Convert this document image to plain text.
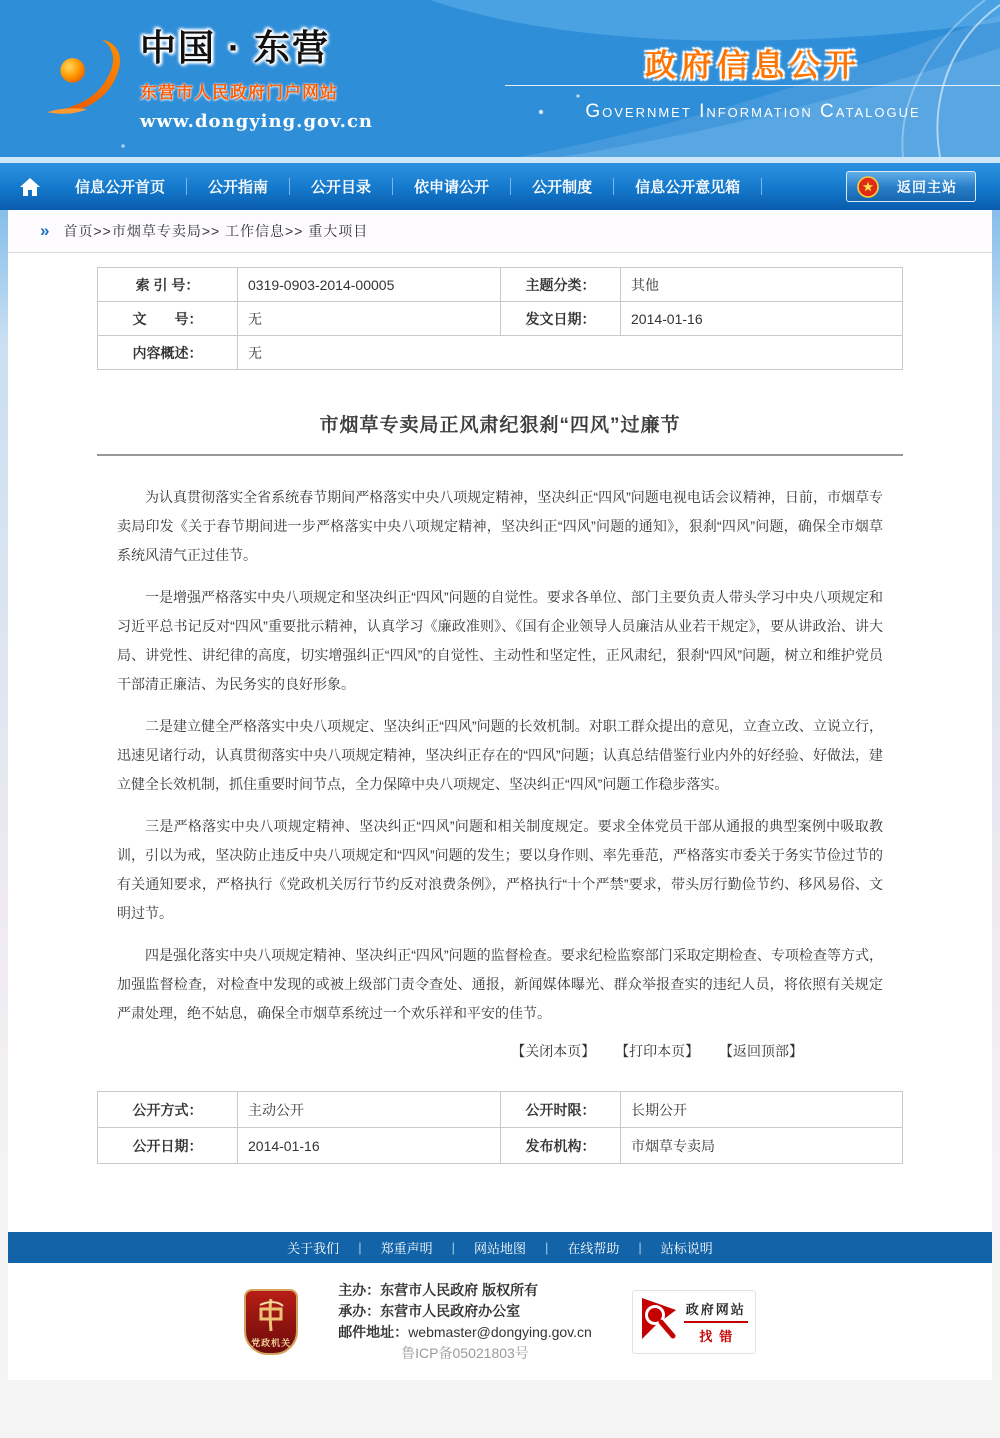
中国 · 东营
东营市人民政府门户网站
www.dongying.gov.cn
政府信息公开
Governmet Information Catalogue
信息公开首页	公开指南	公开目录	依申请公开	公开制度	信息公开意见箱	返回主站
» 首页>>市烟草专卖局>> 工作信息>> 重大项目
索 引 号：	0319-0903-2014-00005	主题分类：	其他
文　　号：	无	发文日期：	2014-01-16
内容概述：	无		
市烟草专卖局正风肃纪狠刹“四风”过廉节

为认真贯彻落实全省系统春节期间严格落实中央八项规定精神，坚决纠正“四风”问题电视电话会议精神，日前，市烟草专卖局印发《关于春节期间进一步严格落实中央八项规定精神，坚决纠正“四风”问题的通知》，狠刹“四风”问题，确保全市烟草系统风清气正过佳节。

一是增强严格落实中央八项规定和坚决纠正“四风”问题的自觉性。要求各单位、部门主要负责人带头学习中央八项规定和习近平总书记反对“四风”重要批示精神，认真学习《廉政准则》、《国有企业领导人员廉洁从业若干规定》，要从讲政治、讲大局、讲党性、讲纪律的高度，切实增强纠正“四风”的自觉性、主动性和坚定性，正风肃纪，狠刹“四风”问题，树立和维护党员干部清正廉洁、为民务实的良好形象。

二是建立健全严格落实中央八项规定、坚决纠正“四风”问题的长效机制。对职工群众提出的意见，立查立改、立说立行，迅速见诸行动，认真贯彻落实中央八项规定精神，坚决纠正存在的“四风”问题；认真总结借鉴行业内外的好经验、好做法，建立健全长效机制，抓住重要时间节点，全力保障中央八项规定、坚决纠正“四风”问题工作稳步落实。

三是严格落实中央八项规定精神、坚决纠正“四风”问题和相关制度规定。要求全体党员干部从通报的典型案例中吸取教训，引以为戒，坚决防止违反中央八项规定和“四风”问题的发生；要以身作则、率先垂范，严格落实市委关于务实节俭过节的有关通知要求，严格执行《党政机关厉行节约反对浪费条例》，严格执行“十个严禁”要求，带头厉行勤俭节约、移风易俗、文明过节。

四是强化落实中央八项规定精神、坚决纠正“四风”问题的监督检查。要求纪检监察部门采取定期检查、专项检查等方式，加强监督检查，对检查中发现的或被上级部门责令查处、通报，新闻媒体曝光、群众举报查实的违纪人员，将依照有关规定严肃处理，绝不姑息，确保全市烟草系统过一个欢乐祥和平安的佳节。

【关闭本页】 【打印本页】 【返回顶部】
公开方式：	主动公开	公开时限：	长期公开
公开日期：	2014-01-16	发布机构：	市烟草专卖局
关于我们 | 郑重声明 | 网站地图 | 在线帮助 | 站标说明
党政机关
主办：东营市人民政府 版权所有
承办：东营市人民政府办公室
邮件地址：webmaster@dongying.gov.cn
鲁ICP备05021803号
政府网站
找错
